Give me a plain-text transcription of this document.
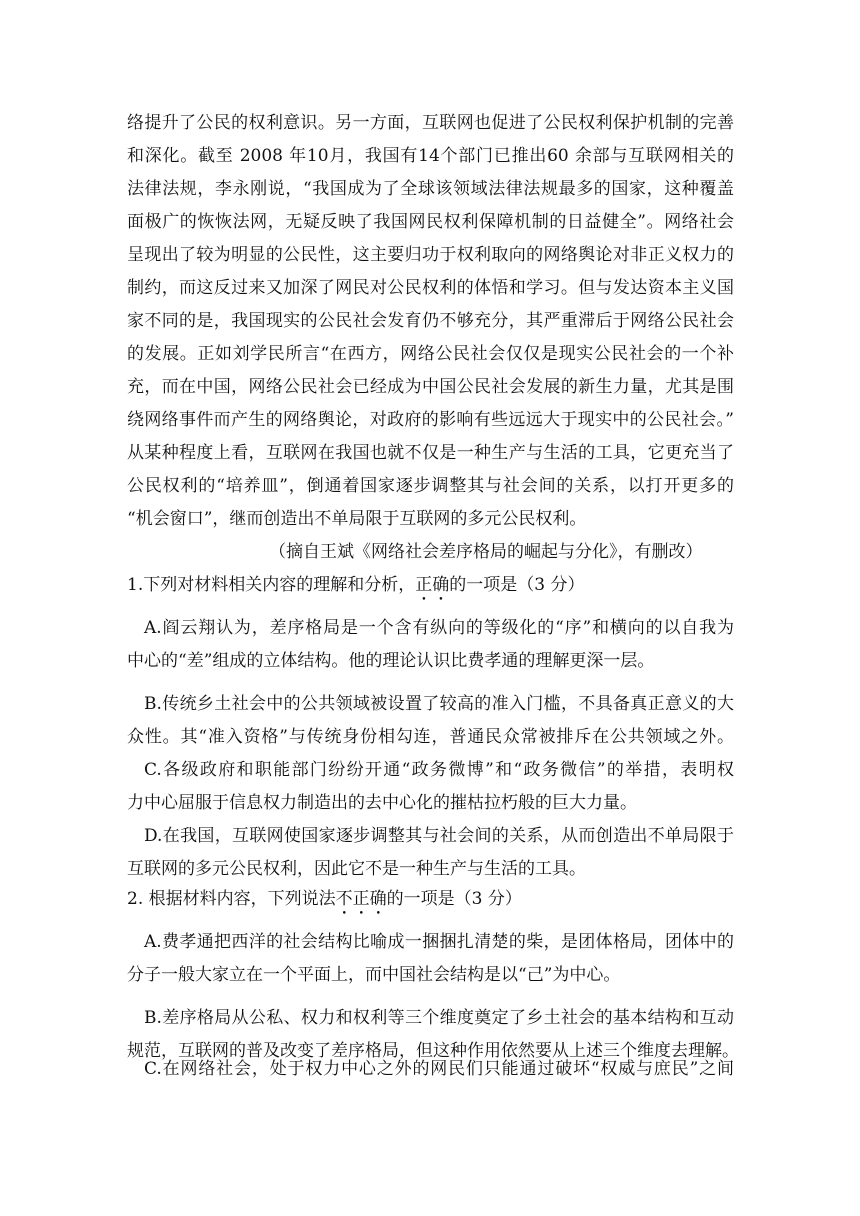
络提升了公民的权利意识。另一方面，互联网也促进了公民权利保护机制的完善
和深化。截至 2008 年10月，我国有14个部门已推出60 余部与互联网相关的
法律法规，李永刚说，“我国成为了全球该领域法律法规最多的国家，这种覆盖
面极广的恢恢法网，无疑反映了我国网民权利保障机制的日益健全”。网络社会
呈现出了较为明显的公民性，这主要归功于权利取向的网络舆论对非正义权力的
制约，而这反过来又加深了网民对公民权利的体悟和学习。但与发达资本主义国
家不同的是，我国现实的公民社会发育仍不够充分，其严重滞后于网络公民社会
的发展。正如刘学民所言“在西方，网络公民社会仅仅是现实公民社会的一个补
充，而在中国，网络公民社会已经成为中国公民社会发展的新生力量，尤其是围
绕网络事件而产生的网络舆论，对政府的影响有些远远大于现实中的公民社会。”
从某种程度上看，互联网在我国也就不仅是一种生产与生活的工具，它更充当了
公民权利的“培养皿”，倒通着国家逐步调整其与社会间的关系，以打开更多的
“机会窗口”，继而创造出不单局限于互联网的多元公民权利。
（摘自王斌《网络社会差序格局的崛起与分化》，有删改）
1.下列对材料相关内容的理解和分析，正确的一项是（3 分）
A.阎云翔认为，差序格局是一个含有纵向的等级化的“序”和横向的以自我为
中心的“差”组成的立体结构。他的理论认识比费孝通的理解更深一层。
B.传统乡土社会中的公共领域被设置了较高的准入门槛，不具备真正意义的大
众性。其“准入资格”与传统身份相勾连，普通民众常被排斥在公共领域之外。
C.各级政府和职能部门纷纷开通“政务微博”和“政务微信”的举措，表明权
力中心屈服于信息权力制造出的去中心化的摧枯拉朽般的巨大力量。
D.在我国，互联网使国家逐步调整其与社会间的关系，从而创造出不单局限于
互联网的多元公民权利，因此它不是一种生产与生活的工具。
2. 根据材料内容，下列说法不正确的一项是（3 分）
A.费孝通把西洋的社会结构比喻成一捆捆扎清楚的柴，是团体格局，团体中的
分子一般大家立在一个平面上，而中国社会结构是以“己”为中心。
B.差序格局从公私、权力和权利等三个维度奠定了乡土社会的基本结构和互动
规范，互联网的普及改变了差序格局，但这种作用依然要从上述三个维度去理解。
C.在网络社会，处于权力中心之外的网民们只能通过破坏“权威与庶民”之间
